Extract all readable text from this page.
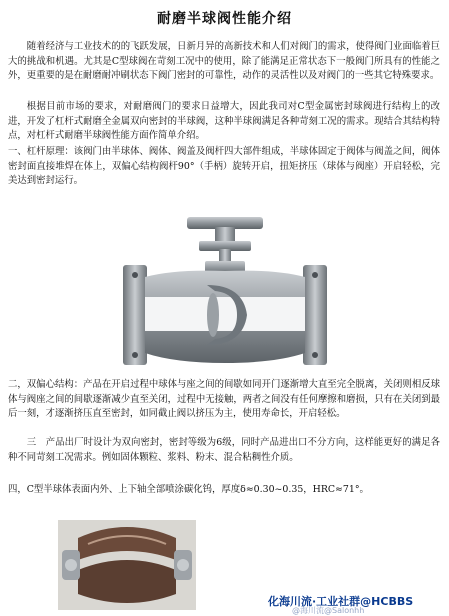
耐磨半球阀性能介绍

随着经济与工业技术的的飞跃发展，日新月异的高新技术和人们对阀门的需求，使得阀门业面临着巨大的挑战和机遇。尤其是C型球阀在苛刻工况中的使用，除了能满足正常状态下一般阀门所具有的性能之外，更重要的是在耐磨耐冲刷状态下阀门密封的可靠性，动作的灵活性以及对阀门的一些其它特殊要求。

根据目前市场的要求，对耐磨阀门的要求日益增大，因此我司对C型金属密封球阀进行结构上的改进，开发了杠杆式耐磨全金属双向密封的半球阀，这种半球阀满足各种苛刻工况的需求。现结合其结构特点，对杠杆式耐磨半球阀性能方面作简单介绍。

一、杠杆原理：该阀门由半球体、阀体、阀盖及阀杆四大部件组成，半球体固定于阀体与阀盖之间，阀体密封面直接堆焊在体上，双偏心结构阀杆90°（手柄）旋转开启，扭矩挤压（球体与阀座）开启轻松，完美达到密封运行。

二，双偏心结构：产品在开启过程中球体与座之间的间歇如同开门逐渐增大直至完全脱离，关闭则相反球体与阀座之间的间歇逐渐减少直至关闭，过程中无接触，两者之间没有任何摩擦和磨损，只有在关闭到最后一刻，才逐渐挤压直至密封，如同截止阀以挤压为主，使用寿命长，开启轻松。

三　产品出厂时设计为双向密封，密封等级为6级，同时产品进出口不分方向，这样能更好的满足各种不同苛刻工况需求。例如固体颗粒、浆料、粉末、混合粘稠性介质。

四，C型半球体表面内外、上下轴全部喷涂碳化钨，厚度δ≈0.30~0.35，HRC≈71°。

化海川流·工业社群@HCBBS
@海川流@Salonhh
